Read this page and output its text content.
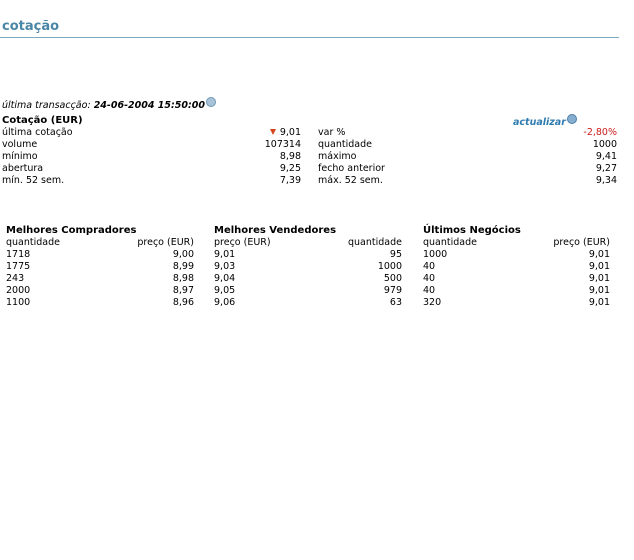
cotação
última transacção: 24-06-2004 15:50:00
Cotação (EUR)	actualizar
última cotação	9,01 var %	-2,80%
volume	107314 quantidade	1000
mínimo	8,98 máximo	9,41
abertura	9,25 fecho anterior	9,27
mín. 52 sem.	7,39 máx. 52 sem.	9,34
Melhores Compradores
quantidade	preço (EUR)
1718	9,00
1775	8,99
243	8,98
2000	8,97
1100	8,96
Melhores Vendedores
preço (EUR)	quantidade
9,01	95
9,03	1000
9,04	500
9,05	979
9,06	63
Últimos Negócios
quantidade	preço (EUR)
1000	9,01
40	9,01
40	9,01
40	9,01
320	9,01
